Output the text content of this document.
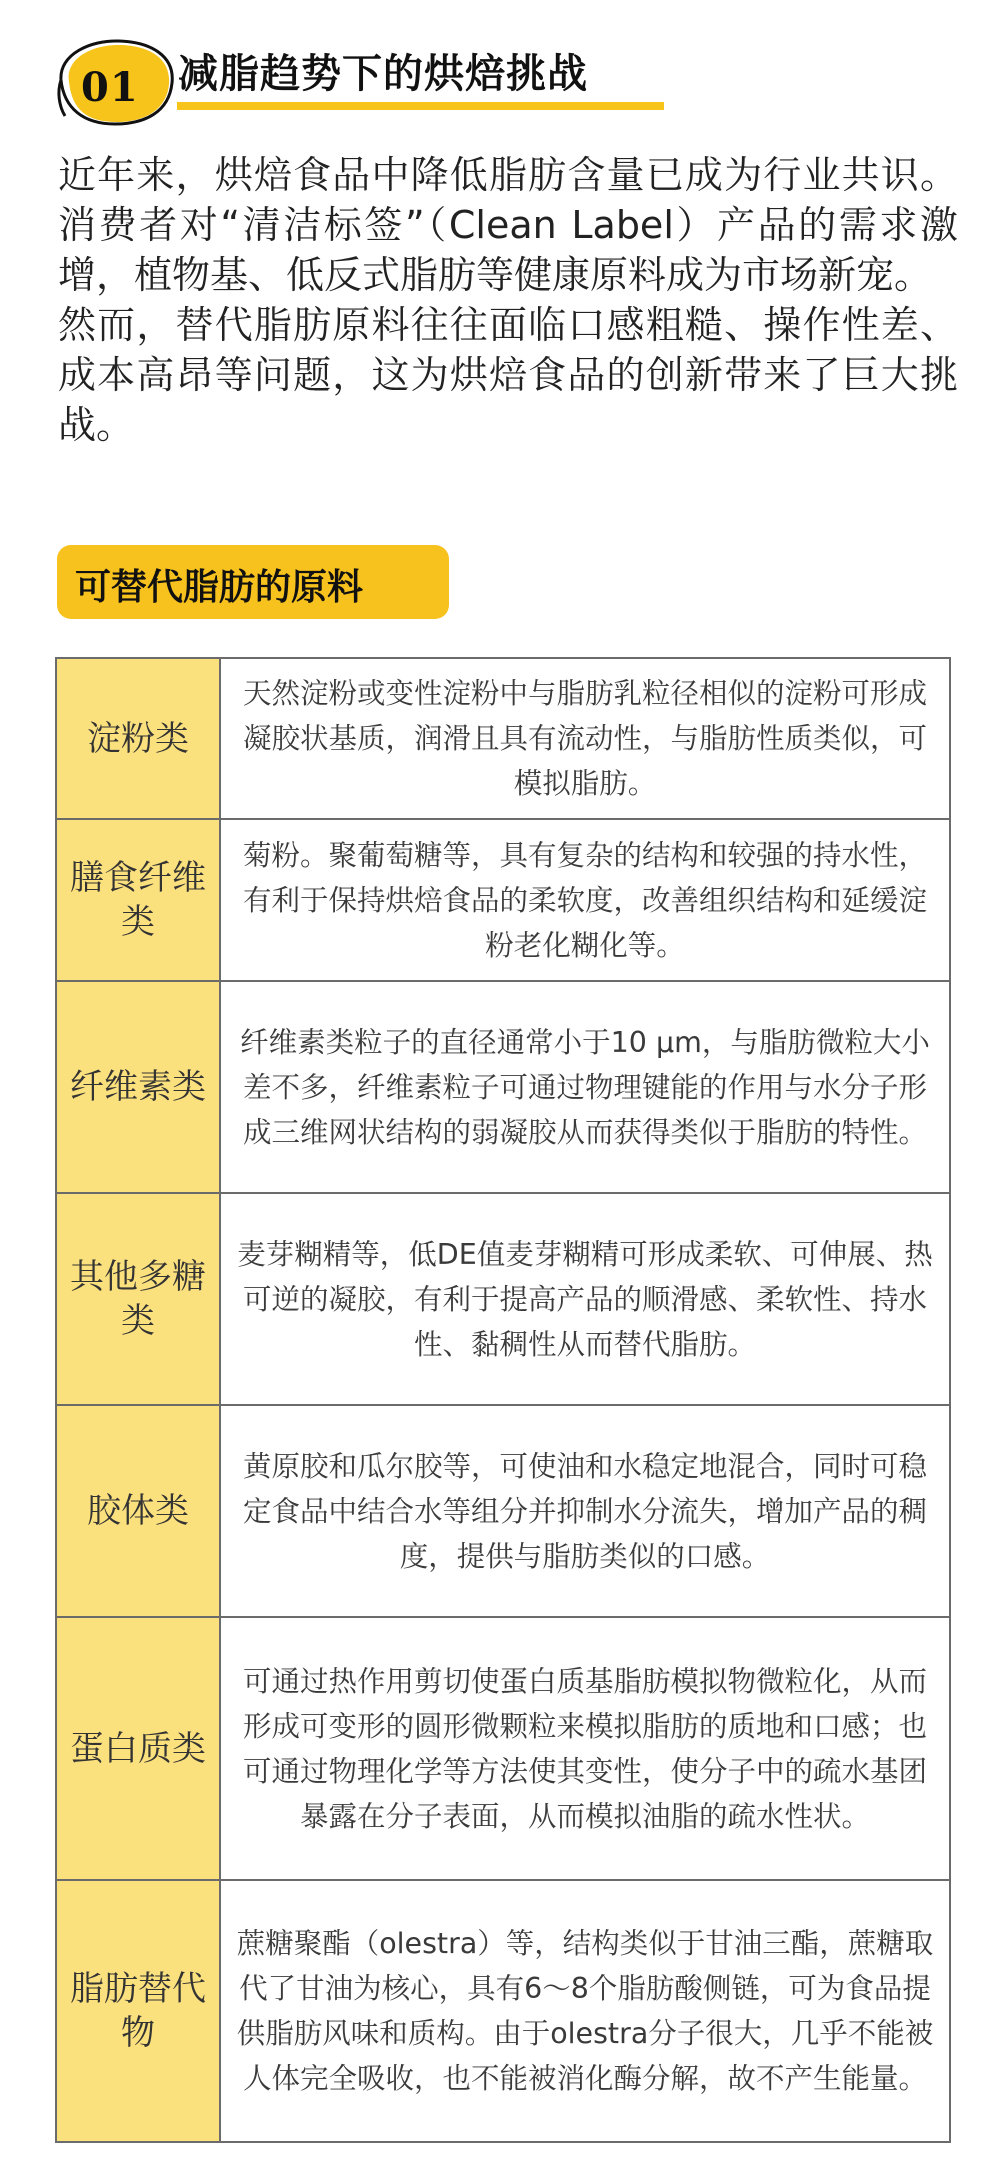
01 减脂趋势下的烘焙挑战

近年来，烘焙食品中降低脂肪含量已成为行业共识。消费者对“清洁标签”（Clean Label）产品的需求激增，植物基、低反式脂肪等健康原料成为市场新宠。

然而，替代脂肪原料往往面临口感粗糙、操作性差、成本高昂等问题，这为烘焙食品的创新带来了巨大挑战。

可替代脂肪的原料
淀粉类	天然淀粉或变性淀粉中与脂肪乳粒径相似的淀粉可形成凝胶状基质，润滑且具有流动性，与脂肪性质类似，可模拟脂肪。
膳食纤维类	菊粉。聚葡萄糖等，具有复杂的结构和较强的持水性，有利于保持烘焙食品的柔软度，改善组织结构和延缓淀粉老化糊化等。
纤维素类	纤维素类粒子的直径通常小于10 μm，与脂肪微粒大小差不多，纤维素粒子可通过物理键能的作用与水分子形成三维网状结构的弱凝胶从而获得类似于脂肪的特性。
其他多糖类	麦芽糊精等，低DE值麦芽糊精可形成柔软、可伸展、热可逆的凝胶，有利于提高产品的顺滑感、柔软性、持水性、黏稠性从而替代脂肪。
胶体类	黄原胶和瓜尔胶等，可使油和水稳定地混合，同时可稳定食品中结合水等组分并抑制水分流失，增加产品的稠度，提供与脂肪类似的口感。
蛋白质类	可通过热作用剪切使蛋白质基脂肪模拟物微粒化，从而形成可变形的圆形微颗粒来模拟脂肪的质地和口感；也可通过物理化学等方法使其变性，使分子中的疏水基团暴露在分子表面，从而模拟油脂的疏水性状。
脂肪替代物	蔗糖聚酯（olestra）等，结构类似于甘油三酯，蔗糖取代了甘油为核心，具有6～8个脂肪酸侧链，可为食品提供脂肪风味和质构。由于olestra分子很大，几乎不能被人体完全吸收，也不能被消化酶分解，故不产生能量。
